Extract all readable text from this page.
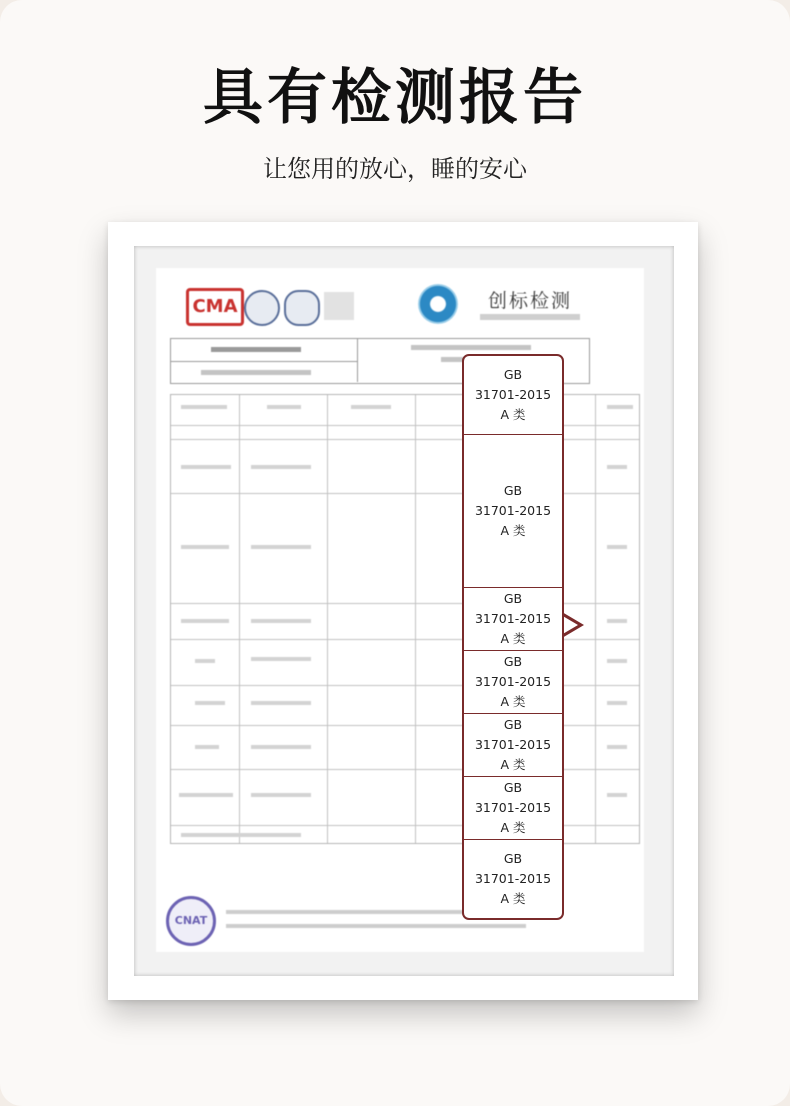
具有检测报告
让您用的放心，睡的安心
CMA	创标检测
CNAT
GB
31701-2015
A 类
GB
31701-2015
A 类
GB
31701-2015
A 类
GB
31701-2015
A 类
GB
31701-2015
A 类
GB
31701-2015
A 类
GB
31701-2015
A 类
